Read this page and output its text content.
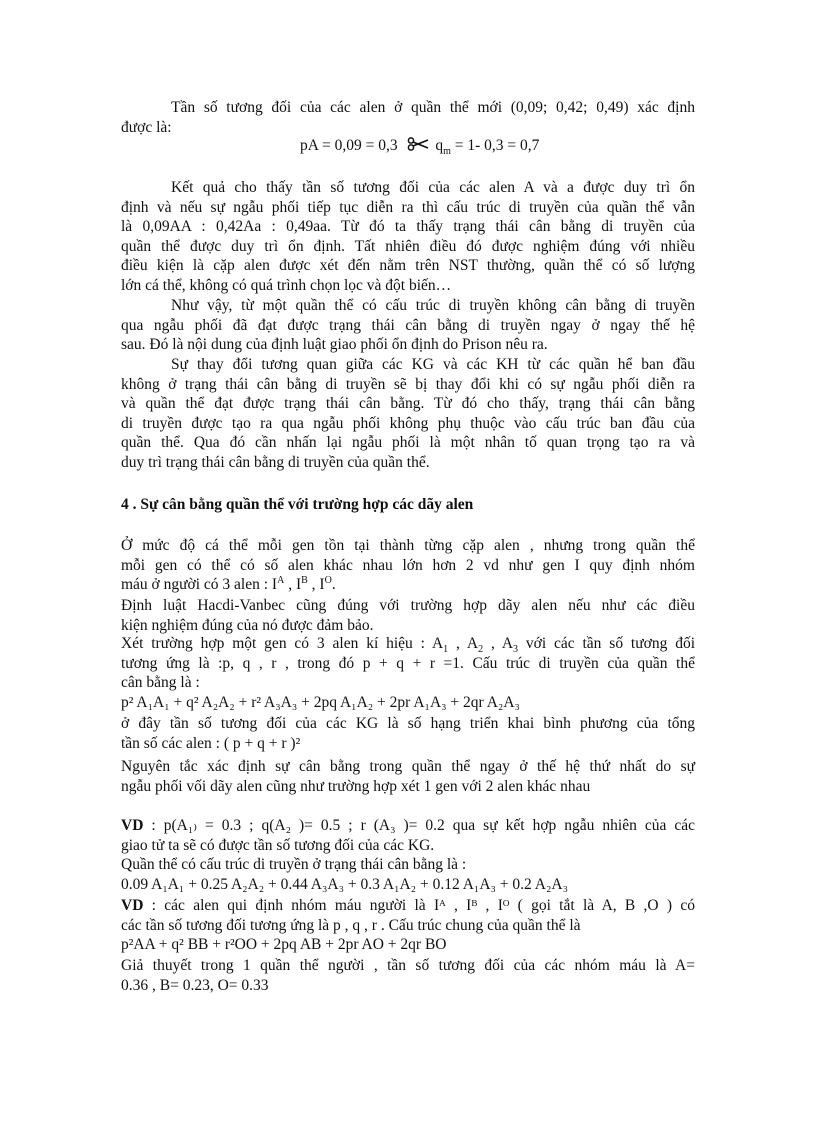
Tần số tương đối của các alen ở quần thể mới (0,09; 0,42; 0,49) xác định
được là:
pA = 0,09 = 0,3 $q_m = 1-$ 0,3 = 0,7
Kết quả cho thấy tần số tương đối của các alen A và a được duy trì ổn
định và nếu sự ngẫu phối tiếp tục diễn ra thì cấu trúc di truyền của quần thể vẫn
là 0,09AA : 0,42Aa : 0,49aa. Từ đó ta thấy trạng thái cân bằng di truyền của
quần thể được duy trì ổn định. Tất nhiên điều đó được nghiệm đúng với nhiều
điều kiện là cặp alen được xét đến nằm trên NST thường, quần thể có số lượng
lớn cá thể, không có quá trình chọn lọc và đột biến…
Như vậy, từ một quần thể có cấu trúc di truyền không cân bằng di truyền
qua ngẫu phối đã đạt được trạng thái cân bằng di truyền ngay ở ngay thế hệ
sau. Đó là nội dung của định luật giao phối ổn định do Prison nêu ra.
Sự thay đổi tương quan giữa các KG và các KH từ các quần hể ban đầu
không ở trạng thái cân bằng di truyền sẽ bị thay đổi khi có sự ngẫu phối diễn ra
và quần thể đạt được trạng thái cân bằng. Từ đó cho thấy, trạng thái cân bằng
di truyền được tạo ra qua ngẫu phối không phụ thuộc vào cấu trúc ban đầu của
quần thể. Qua đó cần nhấn lại ngẫu phối là một nhân tố quan trọng tạo ra và
duy trì trạng thái cân bằng di truyền của quần thể.
4 . Sự cân bằng quần thể với trường hợp các dãy alen
Ở mức độ cá thể mỗi gen tồn tại thành từng cặp alen , nhưng trong quần thể
mỗi gen có thể có số alen khác nhau lớn hơn 2 vd như gen I quy định nhóm
máu ở người có 3 alen : $I^A$ , $I^B$ , $I^O$.
Định luật Hacdi-Vanbec cũng đúng với trường hợp dãy alen nếu như các điều
kiện nghiệm đúng của nó được đảm bảo.
Xét trường hợp một gen có 3 alen kí hiệu : $A_1$ , $A_2$ , $A_3$ với các tần số tương đối
tương ứng là :p, q , r , trong đó p + q + r =1. Cấu trúc di truyền của quần thể
cân bằng là :
p² A₁A₁ + q² A₂A₂ + r² A₃A₃ + 2pq A₁A₂ + 2pr A₁A₃ + 2qr A₂A₃
ở đây tần số tương đối của các KG là số hạng triển khai bình phương của tổng
tần số các alen : ( p + q + r )²
Nguyên tắc xác định sự cân bằng trong quần thể ngay ở thế hệ thứ nhất do sự
ngẫu phối vối dãy alen cũng như trường hợp xét 1 gen với 2 alen khác nhau
VD : p(A₁₎ = 0.3 ; q(A₂ )= 0.5 ; r (A₃ )= 0.2 qua sự kết hợp ngẫu nhiên của các
giao tử ta sẽ có được tần số tương đối của các KG.
Quần thể có cấu trúc di truyền ở trạng thái cân bằng là :
0.09 A₁A₁ + 0.25 A₂A₂ + 0.44 A₃A₃ + 0.3 A₁A₂ + 0.12 A₁A₃ + 0.2 A₂A₃
VD : các alen qui định nhóm máu người là Iᴬ , Iᴮ , Iᴼ ( gọi tắt là A, B ,O ) có
các tần số tương đối tương ứng là p , q , r . Cấu trúc chung của quần thể là
p²AA + q² BB + r²OO + 2pq AB + 2pr AO + 2qr BO
Giả thuyết trong 1 quần thể người , tần số tương đối của các nhóm máu là A=
0.36 , B= 0.23, O= 0.33
